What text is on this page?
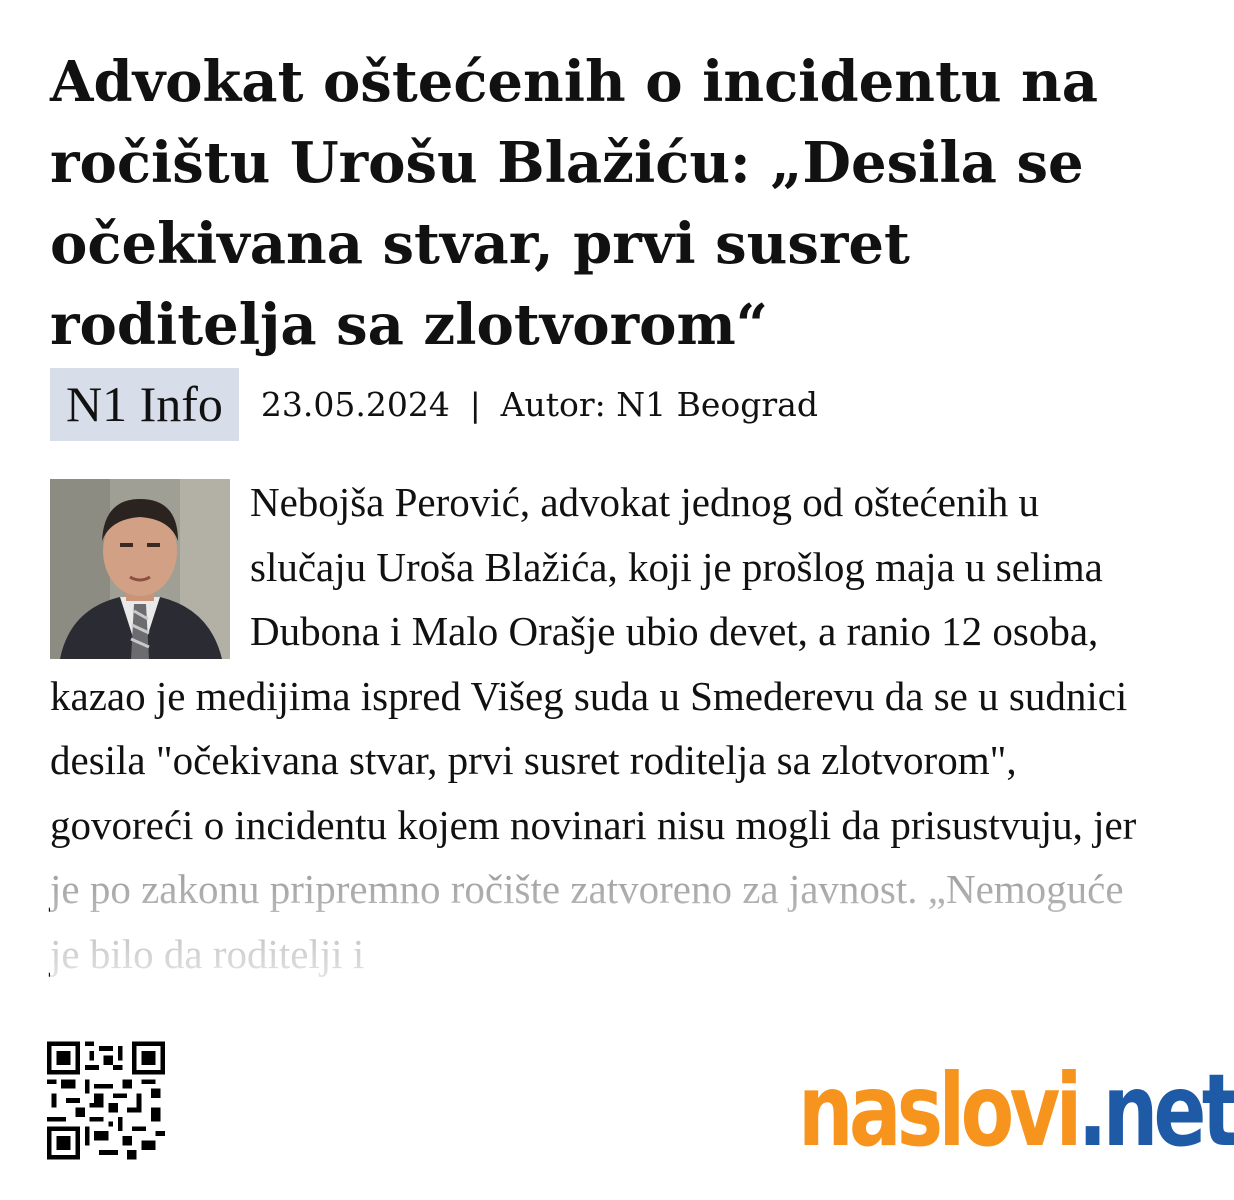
Advokat oštećenih o incidentu na ročištu Urošu Blažiću: „Desila se očekivana stvar, prvi susret roditelja sa zlotvorom“
N1 Info	23.05.2024 | Autor: N1 Beograd

Nebojša Perović, advokat jednog od oštećenih u slučaju Uroša Blažića, koji je prošlog maja u selima Dubona i Malo Orašje ubio devet, a ranio 12 osoba, kazao je medijima ispred Višeg suda u Smederevu da se u sudnici desila "očekivana stvar, prvi susret roditelja sa zlotvorom", govoreći o incidentu kojem novinari nisu mogli da prisustvuju, jer

naslovi.net
